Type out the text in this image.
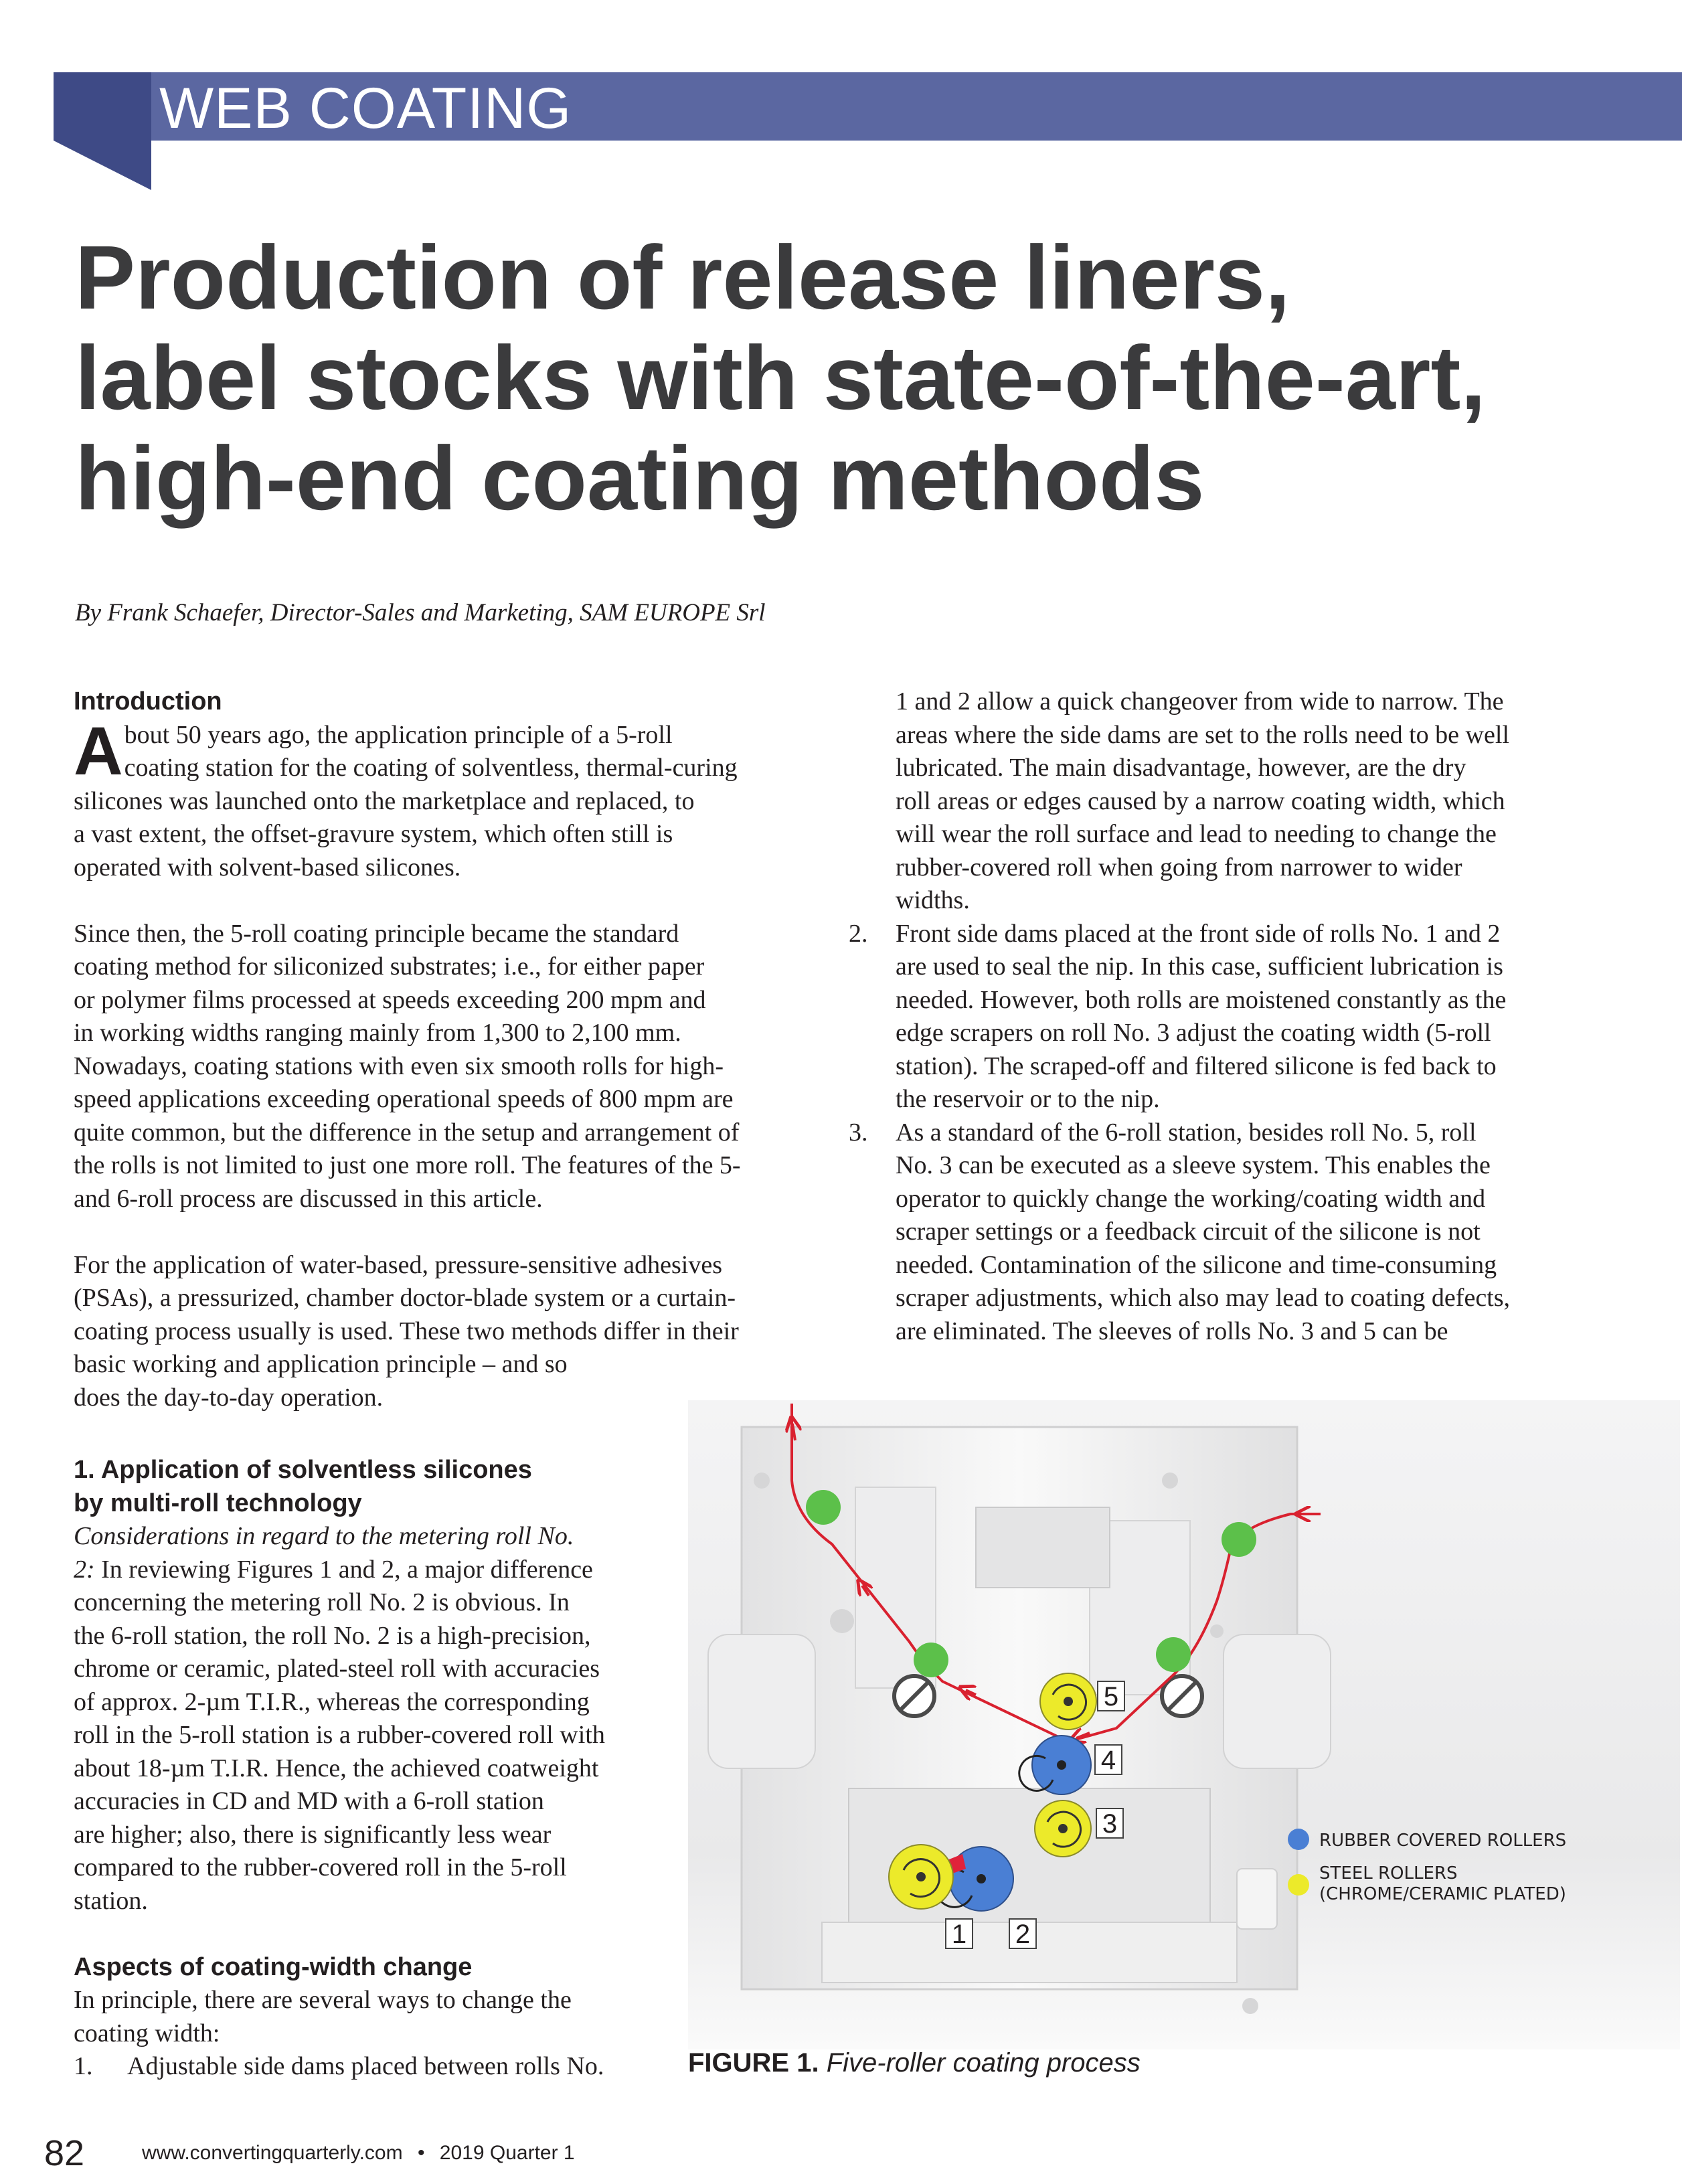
WEB COATING
Production of release liners,
label stocks with state-of-the-art,
high-end coating methods
By Frank Schaefer, Director-Sales and Marketing, SAM EUROPE Srl
Introduction
A bout 50 years ago, the application principle of a 5-roll
coating station for the coating of solventless, thermal-curing
silicones was launched onto the marketplace and replaced, to
a vast extent, the offset-gravure system, which often still is
operated with solvent-based silicones.
Since then, the 5-roll coating principle became the standard
coating method for siliconized substrates; i.e., for either paper
or polymer films processed at speeds exceeding 200 mpm and
in working widths ranging mainly from 1,300 to 2,100 mm.
Nowadays, coating stations with even six smooth rolls for high-
speed applications exceeding operational speeds of 800 mpm are
quite common, but the difference in the setup and arrangement of
the rolls is not limited to just one more roll. The features of the 5-
and 6-roll process are discussed in this article.
For the application of water-based, pressure-sensitive adhesives
(PSAs), a pressurized, chamber doctor-blade system or a curtain-
coating process usually is used. These two methods differ in their
basic working and application principle – and so
does the day-to-day operation.
1. Application of solventless silicones
by multi-roll technology
Considerations in regard to the metering roll No.
2: In reviewing Figures 1 and 2, a major difference
concerning the metering roll No. 2 is obvious. In
the 6-roll station, the roll No. 2 is a high-precision,
chrome or ceramic, plated-steel roll with accuracies
of approx. 2-µm T.I.R., whereas the corresponding
roll in the 5-roll station is a rubber-covered roll with
about 18-µm T.I.R. Hence, the achieved coatweight
accuracies in CD and MD with a 6-roll station
are higher; also, there is significantly less wear
compared to the rubber-covered roll in the 5-roll
station.
Aspects of coating-width change
In principle, there are several ways to change the
coating width:
1. Adjustable side dams placed between rolls No.
1 and 2 allow a quick changeover from wide to narrow. The
areas where the side dams are set to the rolls need to be well
lubricated. The main disadvantage, however, are the dry
roll areas or edges caused by a narrow coating width, which
will wear the roll surface and lead to needing to change the
rubber-covered roll when going from narrower to wider
widths.
2. Front side dams placed at the front side of rolls No. 1 and 2
are used to seal the nip. In this case, sufficient lubrication is
needed. However, both rolls are moistened constantly as the
edge scrapers on roll No. 3 adjust the coating width (5-roll
station). The scraped-off and filtered silicone is fed back to
the reservoir or to the nip.
3. As a standard of the 6-roll station, besides roll No. 5, roll
No. 3 can be executed as a sleeve system. This enables the
operator to quickly change the working/coating width and
scraper settings or a feedback circuit of the silicone is not
needed. Contamination of the silicone and time-consuming
scraper adjustments, which also may lead to coating defects,
are eliminated. The sleeves of rolls No. 3 and 5 can be
5
4
3
1 2
RUBBER COVERED ROLLERS
STEEL ROLLERS
(CHROME/CERAMIC PLATED)
FIGURE 1. Five-roller coating process
82	www.convertingquarterly.com • 2019 Quarter 1
